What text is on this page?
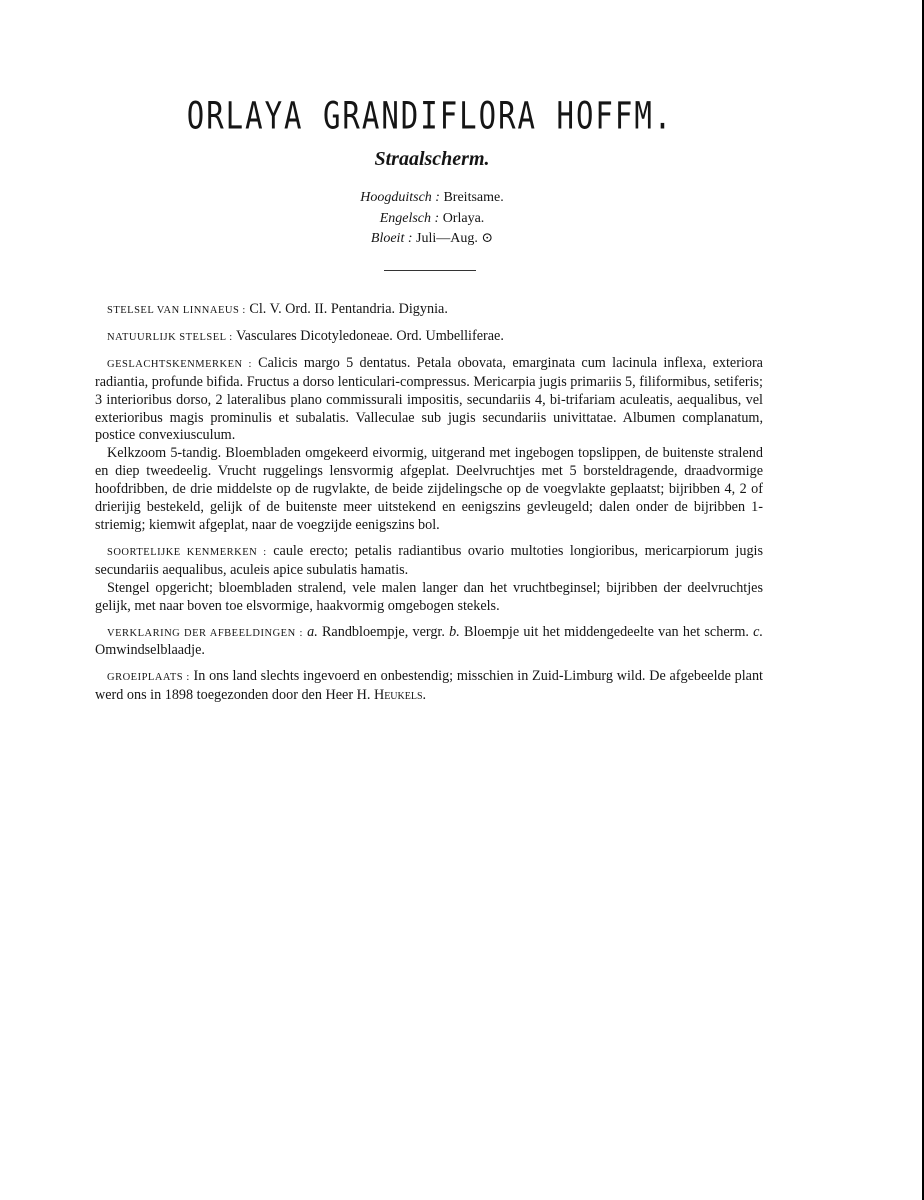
ORLAYA GRANDIFLORA HOFFM.
Straalscherm.
Hoogduitsch : Breitsame.
Engelsch : Orlaya.
Bloeit : Juli—Aug. ⊙

STELSEL VAN LINNAEUS : Cl. V. Ord. II. Pentandria. Digynia.

NATUURLIJK STELSEL : Vasculares Dicotyledoneae. Ord. Umbelliferae.

GESLACHTSKENMERKEN : Calicis margo 5 dentatus. Petala obovata, emarginata cum lacinula inflexa, exteriora radiantia, profunde bifida. Fructus a dorso lenticulari-compressus. Mericarpia jugis primariis 5, filiformibus, setiferis; 3 interioribus dorso, 2 lateralibus plano commissurali impositis, secundariis 4, bi-trifariam aculeatis, aequalibus, vel exterioribus magis prominulis et subalatis. Valleculae sub jugis secundariis univittatae. Albumen complanatum, postice convexiusculum.

Kelkzoom 5-tandig. Bloembladen omgekeerd eivormig, uitgerand met ingebogen topslippen, de buitenste stralend en diep tweedeelig. Vrucht ruggelings lensvormig afgeplat. Deelvruchtjes met 5 borsteldragende, draadvormige hoofdribben, de drie middelste op de rugvlakte, de beide zijdelingsche op de voegvlakte geplaatst; bijribben 4, 2 of drierijig bestekeld, gelijk of de buitenste meer uitstekend en eenigszins gevleugeld; dalen onder de bijribben 1-striemig; kiemwit afgeplat, naar de voegzijde eenigszins bol.

SOORTELIJKE KENMERKEN : caule erecto; petalis radiantibus ovario multoties longioribus, mericarpiorum jugis secundariis aequalibus, aculeis apice subulatis hamatis.

Stengel opgericht; bloembladen stralend, vele malen langer dan het vruchtbeginsel; bijribben der deelvruchtjes gelijk, met naar boven toe elsvormige, haakvormig omgebogen stekels.

VERKLARING DER AFBEELDINGEN : a. Randbloempje, vergr. b. Bloempje uit het middengedeelte van het scherm. c. Omwindselblaadje.

GROEIPLAATS : In ons land slechts ingevoerd en onbestendig; misschien in Zuid-Limburg wild. De afgebeelde plant werd ons in 1898 toegezonden door den Heer H. Heukels.
